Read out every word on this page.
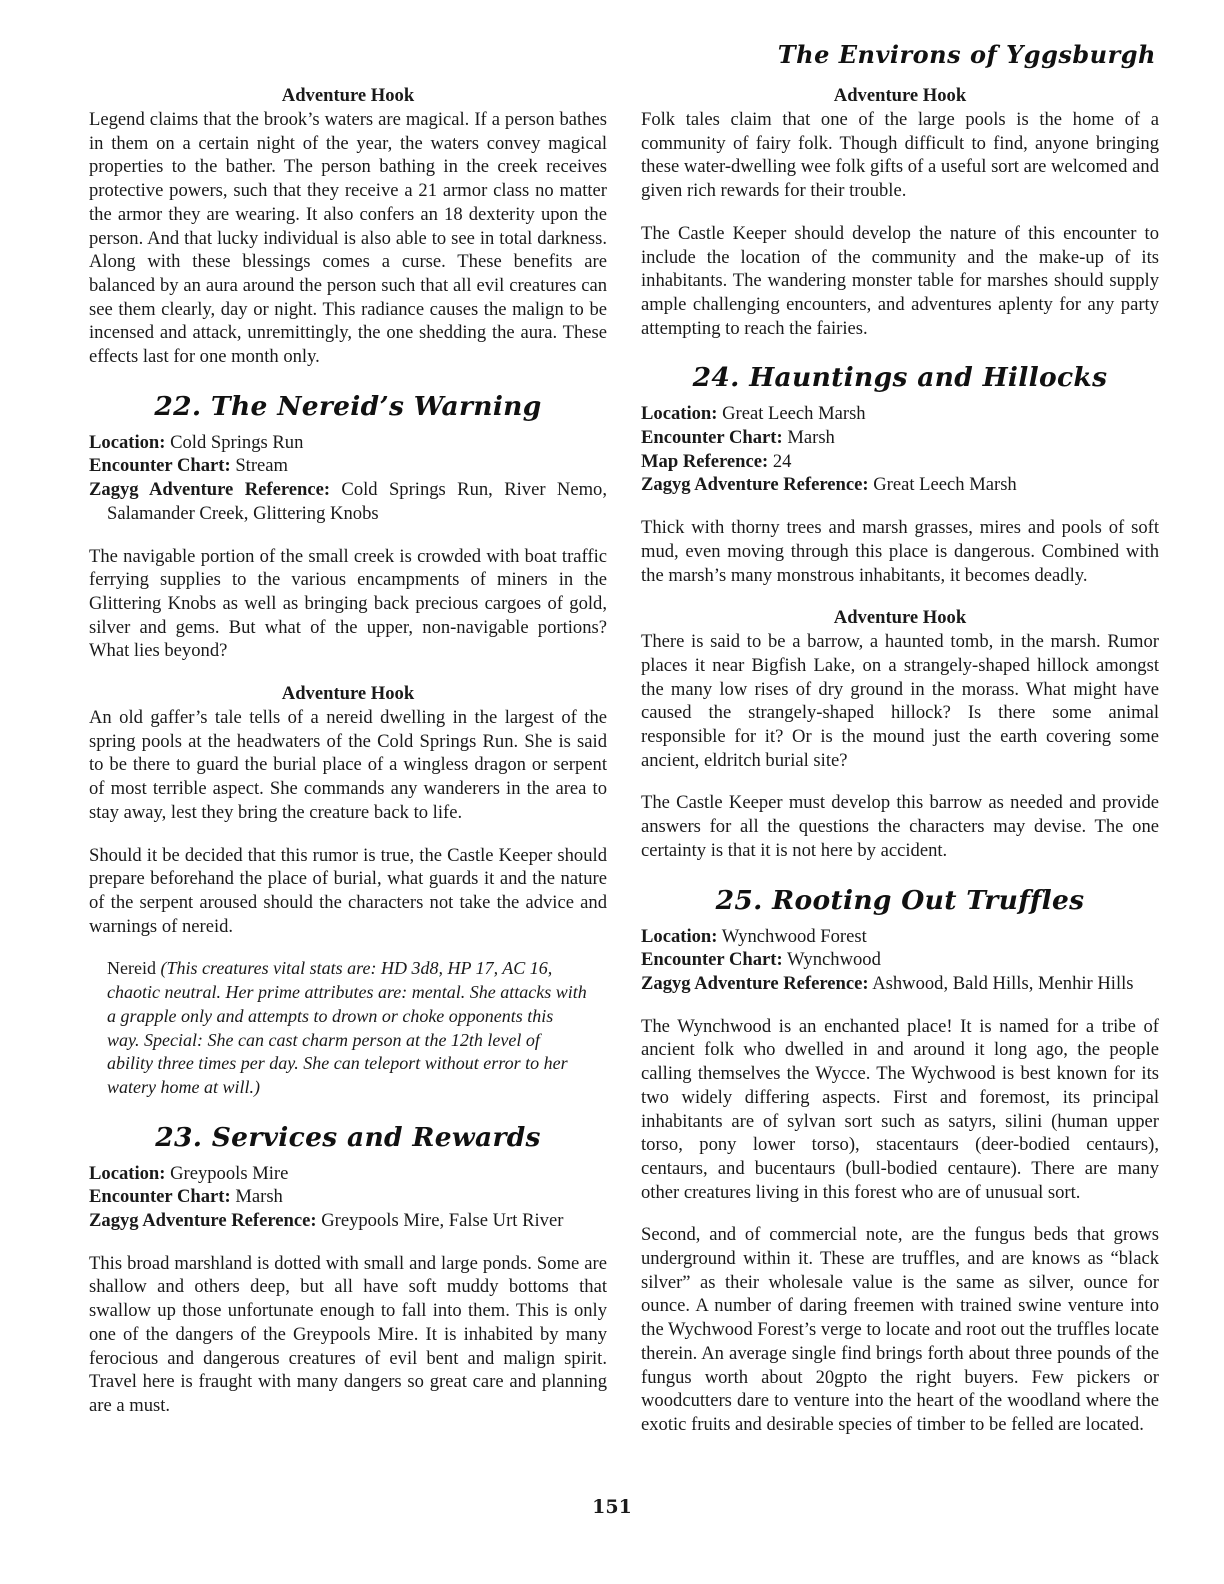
The Environs of Yggsburgh
Adventure Hook

Legend claims that the brook’s waters are magical. If a person bathes in them on a certain night of the year, the waters convey magical properties to the bather. The person bathing in the creek receives protective powers, such that they receive a 21 armor class no matter the armor they are wearing. It also confers an 18 dexterity upon the person. And that lucky individual is also able to see in total darkness. Along with these blessings comes a curse. These benefits are balanced by an aura around the person such that all evil creatures can see them clearly, day or night. This radiance causes the malign to be incensed and attack, unremittingly, the one shedding the aura. These effects last for one month only.

22. The Nereid’s Warning
Location: Cold Springs Run
Encounter Chart: Stream
Zagyg Adventure Reference: Cold Springs Run, River Nemo, Salamander Creek, Glittering Knobs

The navigable portion of the small creek is crowded with boat traffic ferrying supplies to the various encampments of miners in the Glittering Knobs as well as bringing back precious cargoes of gold, silver and gems. But what of the upper, non-navigable portions? What lies beyond?

Adventure Hook

An old gaffer’s tale tells of a nereid dwelling in the largest of the spring pools at the headwaters of the Cold Springs Run. She is said to be there to guard the burial place of a wingless dragon or serpent of most terrible aspect. She commands any wanderers in the area to stay away, lest they bring the creature back to life.

Should it be decided that this rumor is true, the Castle Keeper should prepare beforehand the place of burial, what guards it and the nature of the serpent aroused should the characters not take the advice and warnings of nereid.

Nereid (This creatures vital stats are: HD 3d8, HP 17, AC 16, chaotic neutral. Her prime attributes are: mental. She attacks with a grapple only and attempts to drown or choke opponents this way. Special: She can cast charm person at the 12th level of ability three times per day. She can teleport without error to her watery home at will.)
23. Services and Rewards
Location: Greypools Mire
Encounter Chart: Marsh
Zagyg Adventure Reference: Greypools Mire, False Urt River

This broad marshland is dotted with small and large ponds. Some are shallow and others deep, but all have soft muddy bottoms that swallow up those unfortunate enough to fall into them. This is only one of the dangers of the Greypools Mire. It is inhabited by many ferocious and dangerous creatures of evil bent and malign spirit. Travel here is fraught with many dangers so great care and planning are a must.

Adventure Hook

Folk tales claim that one of the large pools is the home of a community of fairy folk. Though difficult to find, anyone bringing these water-dwelling wee folk gifts of a useful sort are welcomed and given rich rewards for their trouble.

The Castle Keeper should develop the nature of this encounter to include the location of the community and the make-up of its inhabitants. The wandering monster table for marshes should supply ample challenging encounters, and adventures aplenty for any party attempting to reach the fairies.

24. Hauntings and Hillocks
Location: Great Leech Marsh
Encounter Chart: Marsh
Map Reference: 24
Zagyg Adventure Reference: Great Leech Marsh

Thick with thorny trees and marsh grasses, mires and pools of soft mud, even moving through this place is dangerous. Combined with the marsh’s many monstrous inhabitants, it becomes deadly.

Adventure Hook

There is said to be a barrow, a haunted tomb, in the marsh. Rumor places it near Bigfish Lake, on a strangely-shaped hillock amongst the many low rises of dry ground in the morass. What might have caused the strangely-shaped hillock? Is there some animal responsible for it? Or is the mound just the earth covering some ancient, eldritch burial site?

The Castle Keeper must develop this barrow as needed and provide answers for all the questions the characters may devise. The one certainty is that it is not here by accident.

25. Rooting Out Truffles
Location: Wynchwood Forest
Encounter Chart: Wynchwood
Zagyg Adventure Reference: Ashwood, Bald Hills, Menhir Hills

The Wynchwood is an enchanted place! It is named for a tribe of ancient folk who dwelled in and around it long ago, the people calling themselves the Wycce. The Wychwood is best known for its two widely differing aspects. First and foremost, its principal inhabitants are of sylvan sort such as satyrs, silini (human upper torso, pony lower torso), stacentaurs (deer-bodied centaurs), centaurs, and bucentaurs (bull-bodied centaure). There are many other creatures living in this forest who are of unusual sort.

Second, and of commercial note, are the fungus beds that grows underground within it. These are truffles, and are knows as “black silver” as their wholesale value is the same as silver, ounce for ounce. A number of daring freemen with trained swine venture into the Wychwood Forest’s verge to locate and root out the truffles locate therein. An average single find brings forth about three pounds of the fungus worth about 20gpto the right buyers. Few pickers or woodcutters dare to venture into the heart of the woodland where the exotic fruits and desirable species of timber to be felled are located.

151
